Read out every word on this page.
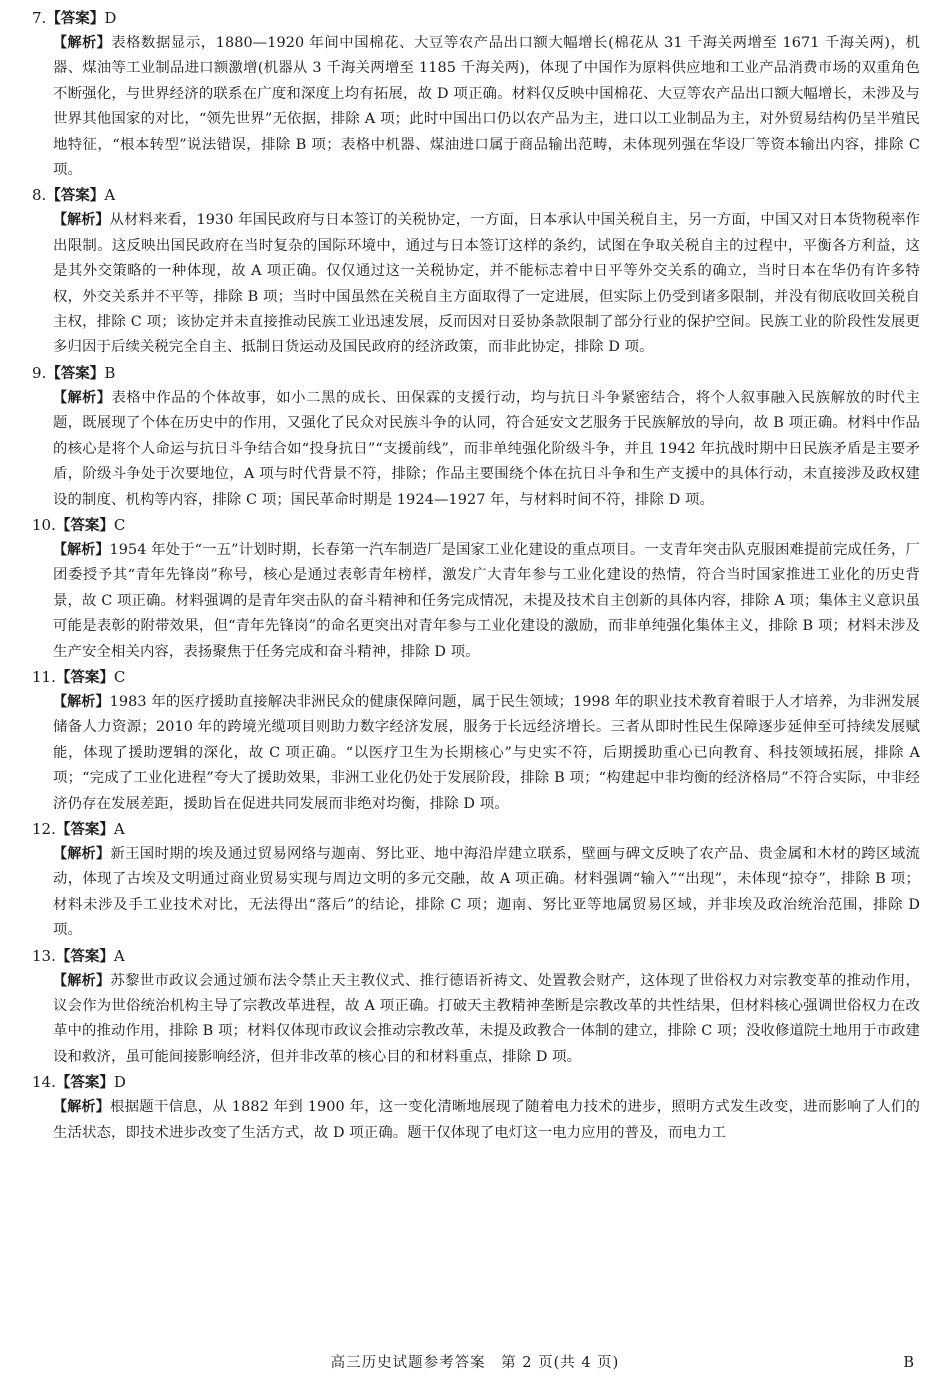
7.【答案】D
【解析】表格数据显示，1880—1920 年间中国棉花、大豆等农产品出口额大幅增长(棉花从 31 千海关两增至 1671 千海关两)，机器、煤油等工业制品进口额激增(机器从 3 千海关两增至 1185 千海关两)，体现了中国作为原料供应地和工业产品消费市场的双重角色不断强化，与世界经济的联系在广度和深度上均有拓展，故 D 项正确。材料仅反映中国棉花、大豆等农产品出口额大幅增长，未涉及与世界其他国家的对比，“领先世界”无依据，排除 A 项；此时中国出口仍以农产品为主，进口以工业制品为主，对外贸易结构仍呈半殖民地特征，“根本转型”说法错误，排除 B 项；表格中机器、煤油进口属于商品输出范畴，未体现列强在华设厂等资本输出内容，排除 C 项。
8.【答案】A
【解析】从材料来看，1930 年国民政府与日本签订的关税协定，一方面，日本承认中国关税自主，另一方面，中国又对日本货物税率作出限制。这反映出国民政府在当时复杂的国际环境中，通过与日本签订这样的条约，试图在争取关税自主的过程中，平衡各方利益，这是其外交策略的一种体现，故 A 项正确。仅仅通过这一关税协定，并不能标志着中日平等外交关系的确立，当时日本在华仍有许多特权，外交关系并不平等，排除 B 项；当时中国虽然在关税自主方面取得了一定进展，但实际上仍受到诸多限制，并没有彻底收回关税自主权，排除 C 项；该协定并未直接推动民族工业迅速发展，反而因对日妥协条款限制了部分行业的保护空间。民族工业的阶段性发展更多归因于后续关税完全自主、抵制日货运动及国民政府的经济政策，而非此协定，排除 D 项。
9.【答案】B
【解析】表格中作品的个体故事，如小二黑的成长、田保霖的支援行动，均与抗日斗争紧密结合，将个人叙事融入民族解放的时代主题，既展现了个体在历史中的作用，又强化了民众对民族斗争的认同，符合延安文艺服务于民族解放的导向，故 B 项正确。材料中作品的核心是将个人命运与抗日斗争结合如“投身抗日”“支援前线”，而非单纯强化阶级斗争，并且 1942 年抗战时期中日民族矛盾是主要矛盾，阶级斗争处于次要地位，A 项与时代背景不符，排除；作品主要围绕个体在抗日斗争和生产支援中的具体行动，未直接涉及政权建设的制度、机构等内容，排除 C 项；国民革命时期是 1924—1927 年，与材料时间不符，排除 D 项。
10.【答案】C
【解析】1954 年处于“一五”计划时期，长春第一汽车制造厂是国家工业化建设的重点项目。一支青年突击队克服困难提前完成任务，厂团委授予其“青年先锋岗”称号，核心是通过表彰青年榜样，激发广大青年参与工业化建设的热情，符合当时国家推进工业化的历史背景，故 C 项正确。材料强调的是青年突击队的奋斗精神和任务完成情况，未提及技术自主创新的具体内容，排除 A 项；集体主义意识虽可能是表彰的附带效果，但“青年先锋岗”的命名更突出对青年参与工业化建设的激励，而非单纯强化集体主义，排除 B 项；材料未涉及生产安全相关内容，表扬聚焦于任务完成和奋斗精神，排除 D 项。
11.【答案】C
【解析】1983 年的医疗援助直接解决非洲民众的健康保障问题，属于民生领域；1998 年的职业技术教育着眼于人才培养，为非洲发展储备人力资源；2010 年的跨境光缆项目则助力数字经济发展，服务于长远经济增长。三者从即时性民生保障逐步延伸至可持续发展赋能，体现了援助逻辑的深化，故 C 项正确。“以医疗卫生为长期核心”与史实不符，后期援助重心已向教育、科技领域拓展，排除 A 项；“完成了工业化进程”夸大了援助效果，非洲工业化仍处于发展阶段，排除 B 项；“构建起中非均衡的经济格局”不符合实际，中非经济仍存在发展差距，援助旨在促进共同发展而非绝对均衡，排除 D 项。
12.【答案】A
【解析】新王国时期的埃及通过贸易网络与迦南、努比亚、地中海沿岸建立联系，壁画与碑文反映了农产品、贵金属和木材的跨区域流动，体现了古埃及文明通过商业贸易实现与周边文明的多元交融，故 A 项正确。材料强调“输入”“出现”，未体现“掠夺”，排除 B 项；材料未涉及手工业技术对比，无法得出“落后”的结论，排除 C 项；迦南、努比亚等地属贸易区域，并非埃及政治统治范围，排除 D 项。
13.【答案】A
【解析】苏黎世市政议会通过颁布法令禁止天主教仪式、推行德语祈祷文、处置教会财产，这体现了世俗权力对宗教变革的推动作用，议会作为世俗统治机构主导了宗教改革进程，故 A 项正确。打破天主教精神垄断是宗教改革的共性结果，但材料核心强调世俗权力在改革中的推动作用，排除 B 项；材料仅体现市政议会推动宗教改革，未提及政教合一体制的建立，排除 C 项；没收修道院土地用于市政建设和救济，虽可能间接影响经济，但并非改革的核心目的和材料重点，排除 D 项。
14.【答案】D
【解析】根据题干信息，从 1882 年到 1900 年，这一变化清晰地展现了随着电力技术的进步，照明方式发生改变，进而影响了人们的生活状态，即技术进步改变了生活方式，故 D 项正确。题干仅体现了电灯这一电力应用的普及，而电力工
高三历史试题参考答案　第 2 页(共 4 页)	B
